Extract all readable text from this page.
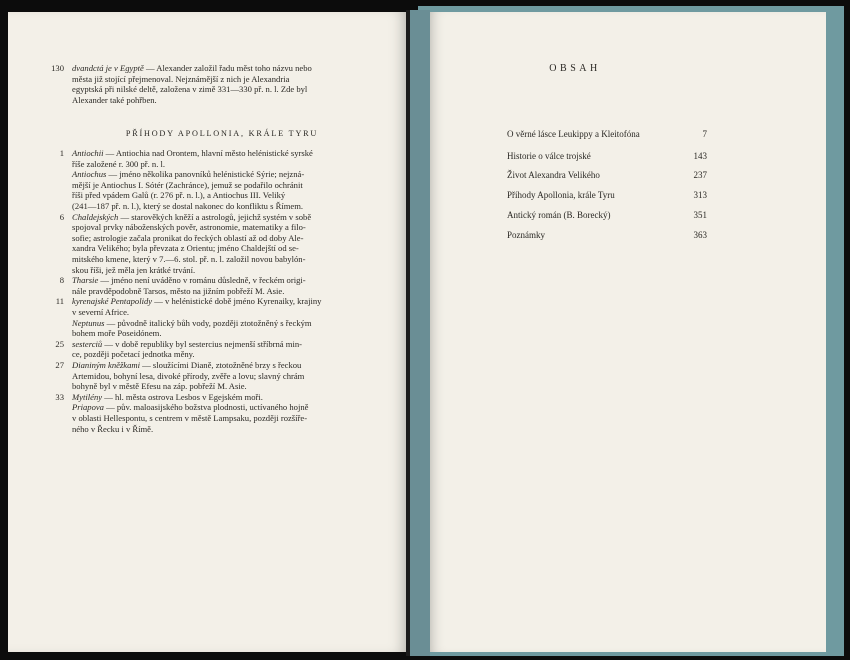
130 dvandctá je v Egyptě — Alexander založil řadu měst toho názvu nebo
města již stojící přejmenoval. Nejznámější z nich je Alexandria
egyptská při nilské deltě, založena v zimě 331—330 př. n. l. Zde byl
Alexander také pohřben.
PŘÍHODY APOLLONIA, KRÁLE TYRU
1 Antiochii — Antiochia nad Orontem, hlavní město helénistické syrské
říše založené r. 300 př. n. l.
Antiochus — jméno několika panovníků helénistické Sýrie; nejzná-
mější je Antiochus I. Sótér (Zachránce), jemuž se podařilo ochránit
říši před vpádem Galů (r. 276 př. n. l.), a Antiochus III. Veliký
(241—187 př. n. l.), který se dostal nakonec do konfliktu s Římem.
6 Chaldejských — starověkých kněží a astrologů, jejichž systém v sobě
spojoval prvky náboženských pověr, astronomie, matematiky a filo-
sofie; astrologie začala pronikat do řeckých oblastí až od doby Ale-
xandra Velikého; byla převzata z Orientu; jméno Chaldejští od se-
mitského kmene, který v 7.—6. stol. př. n. l. založil novou babylón-
skou říši, jež měla jen krátké trvání.
8 Tharsie — jméno není uváděno v románu důsledně, v řeckém origi-
nále pravděpodobně Tarsos, město na jižním pobřeží M. Asie.
11 kyrenajské Pentapolidy — v helénistické době jméno Kyrenaiky, krajiny
v severní Africe.
Neptunus — původně italický bůh vody, později ztotožněný s řeckým
bohem moře Poseidónem.
25 sesterciů — v době republiky byl sestercius nejmenší stříbrná min-
ce, později početací jednotka měny.
27 Dianiným kněžkami — sloužícími Dianě, ztotožněné brzy s řeckou
Artemidou, bohyní lesa, divoké přírody, zvěře a lovu; slavný chrám
bohyně byl v městě Efesu na záp. pobřeží M. Asie.
33 Mytilény — hl. města ostrova Lesbos v Egejském moři.
Priapova — pův. maloasijského božstva plodnosti, uctívaného hojně
v oblasti Hellespontu, s centrem v městě Lampsaku, později rozšíře-
ného v Řecku i v Římě.
OBSAH
O věrné lásce Leukippy a Kleitofóna	7
Historie o válce trojské	143
Život Alexandra Velikého	237
Příhody Apollonia, krále Tyru	313
Antický román (B. Borecký)	351
Poznámky	363
